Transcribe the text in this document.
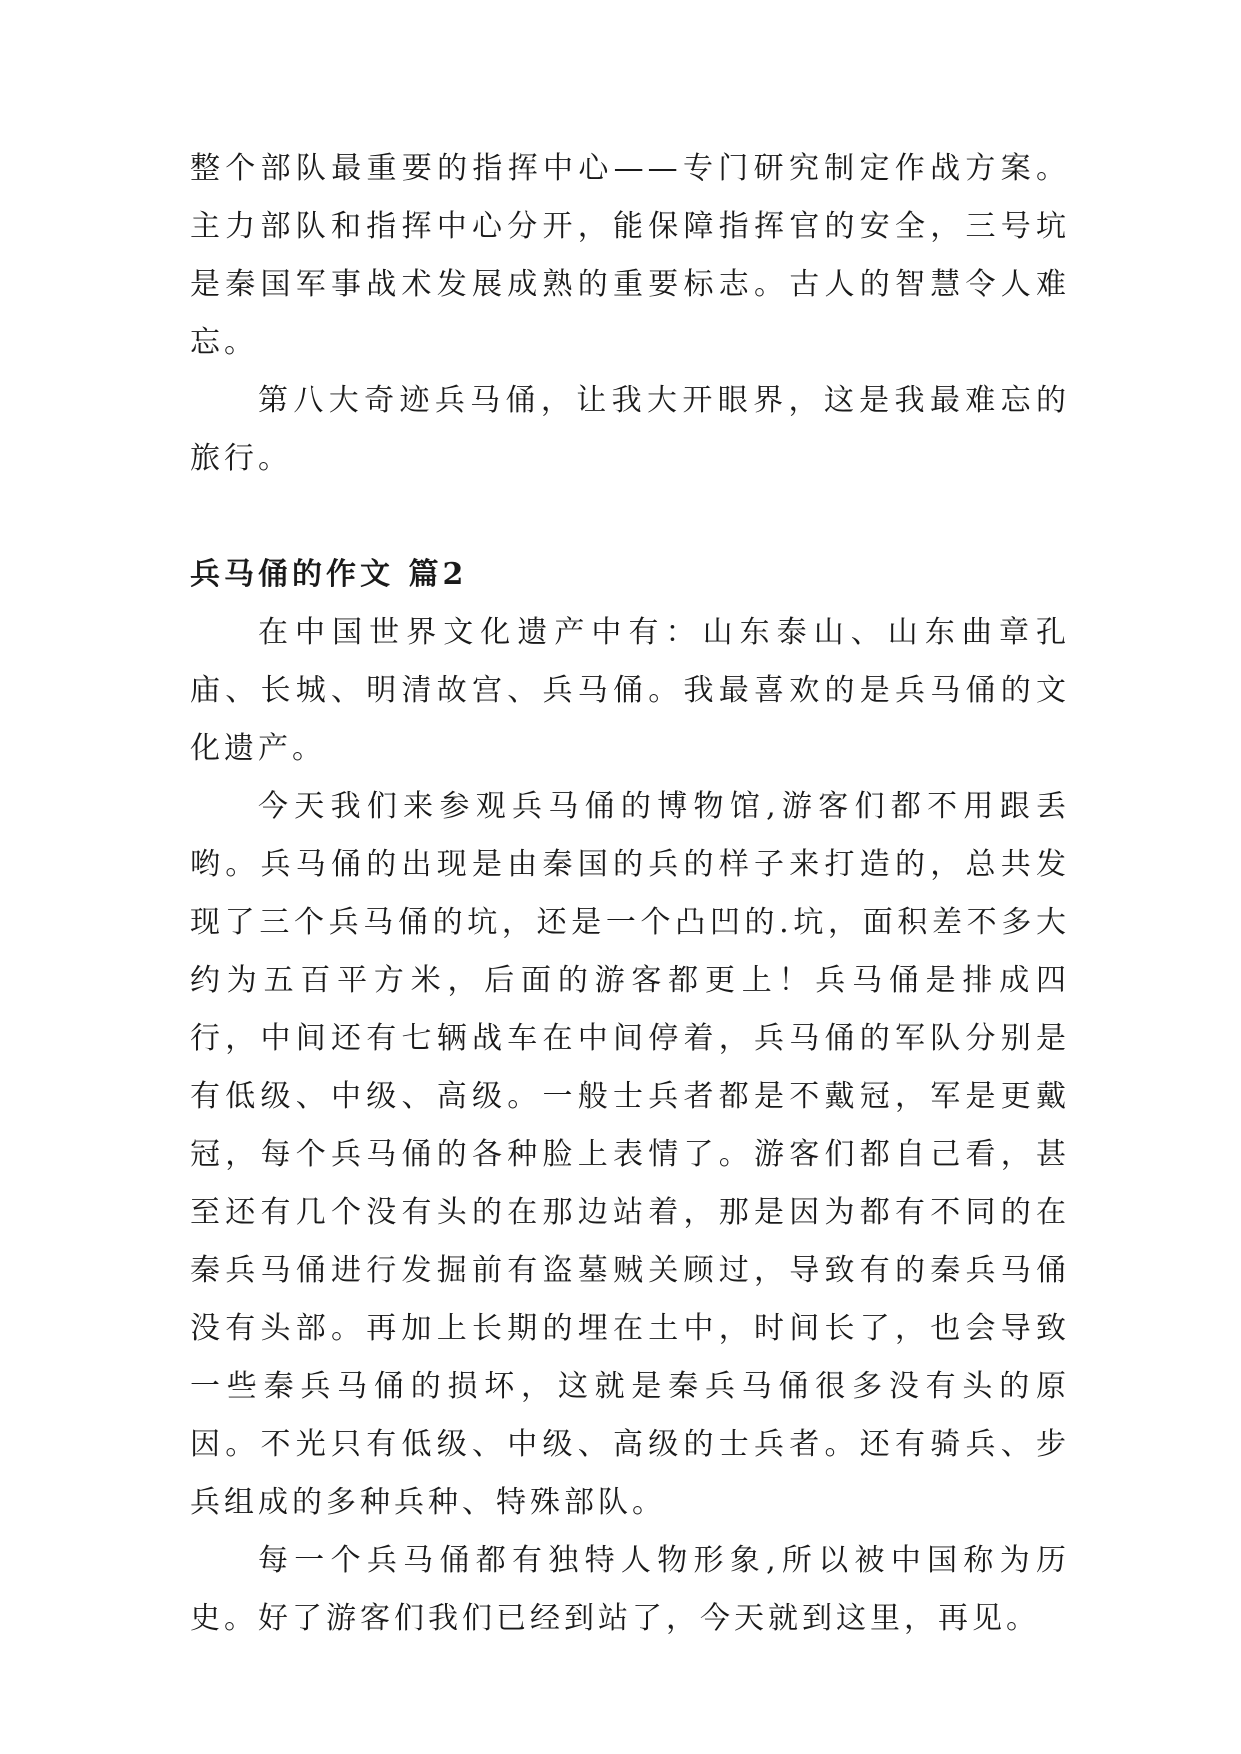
整个部队最重要的指挥中心——专门研究制定作战方案。主力部队和指挥中心分开，能保障指挥官的安全，三号坑是秦国军事战术发展成熟的重要标志。古人的智慧令人难忘。

第八大奇迹兵马俑，让我大开眼界，这是我最难忘的旅行。

兵马俑的作文 篇2

在中国世界文化遗产中有：山东泰山、山东曲章孔庙、长城、明清故宫、兵马俑。我最喜欢的是兵马俑的文化遗产。

今天我们来参观兵马俑的博物馆,游客们都不用跟丢哟。兵马俑的出现是由秦国的兵的样子来打造的，总共发现了三个兵马俑的坑，还是一个凸凹的.坑，面积差不多大约为五百平方米，后面的游客都更上！兵马俑是排成四行，中间还有七辆战车在中间停着，兵马俑的军队分别是有低级、中级、高级。一般士兵者都是不戴冠，军是更戴冠，每个兵马俑的各种脸上表情了。游客们都自己看，甚至还有几个没有头的在那边站着，那是因为都有不同的在秦兵马俑进行发掘前有盗墓贼关顾过，导致有的秦兵马俑没有头部。再加上长期的埋在土中，时间长了，也会导致一些秦兵马俑的损坏，这就是秦兵马俑很多没有头的原因。不光只有低级、中级、高级的士兵者。还有骑兵、步兵组成的多种兵种、特殊部队。

每一个兵马俑都有独特人物形象,所以被中国称为历史。好了游客们我们已经到站了，今天就到这里，再见。
